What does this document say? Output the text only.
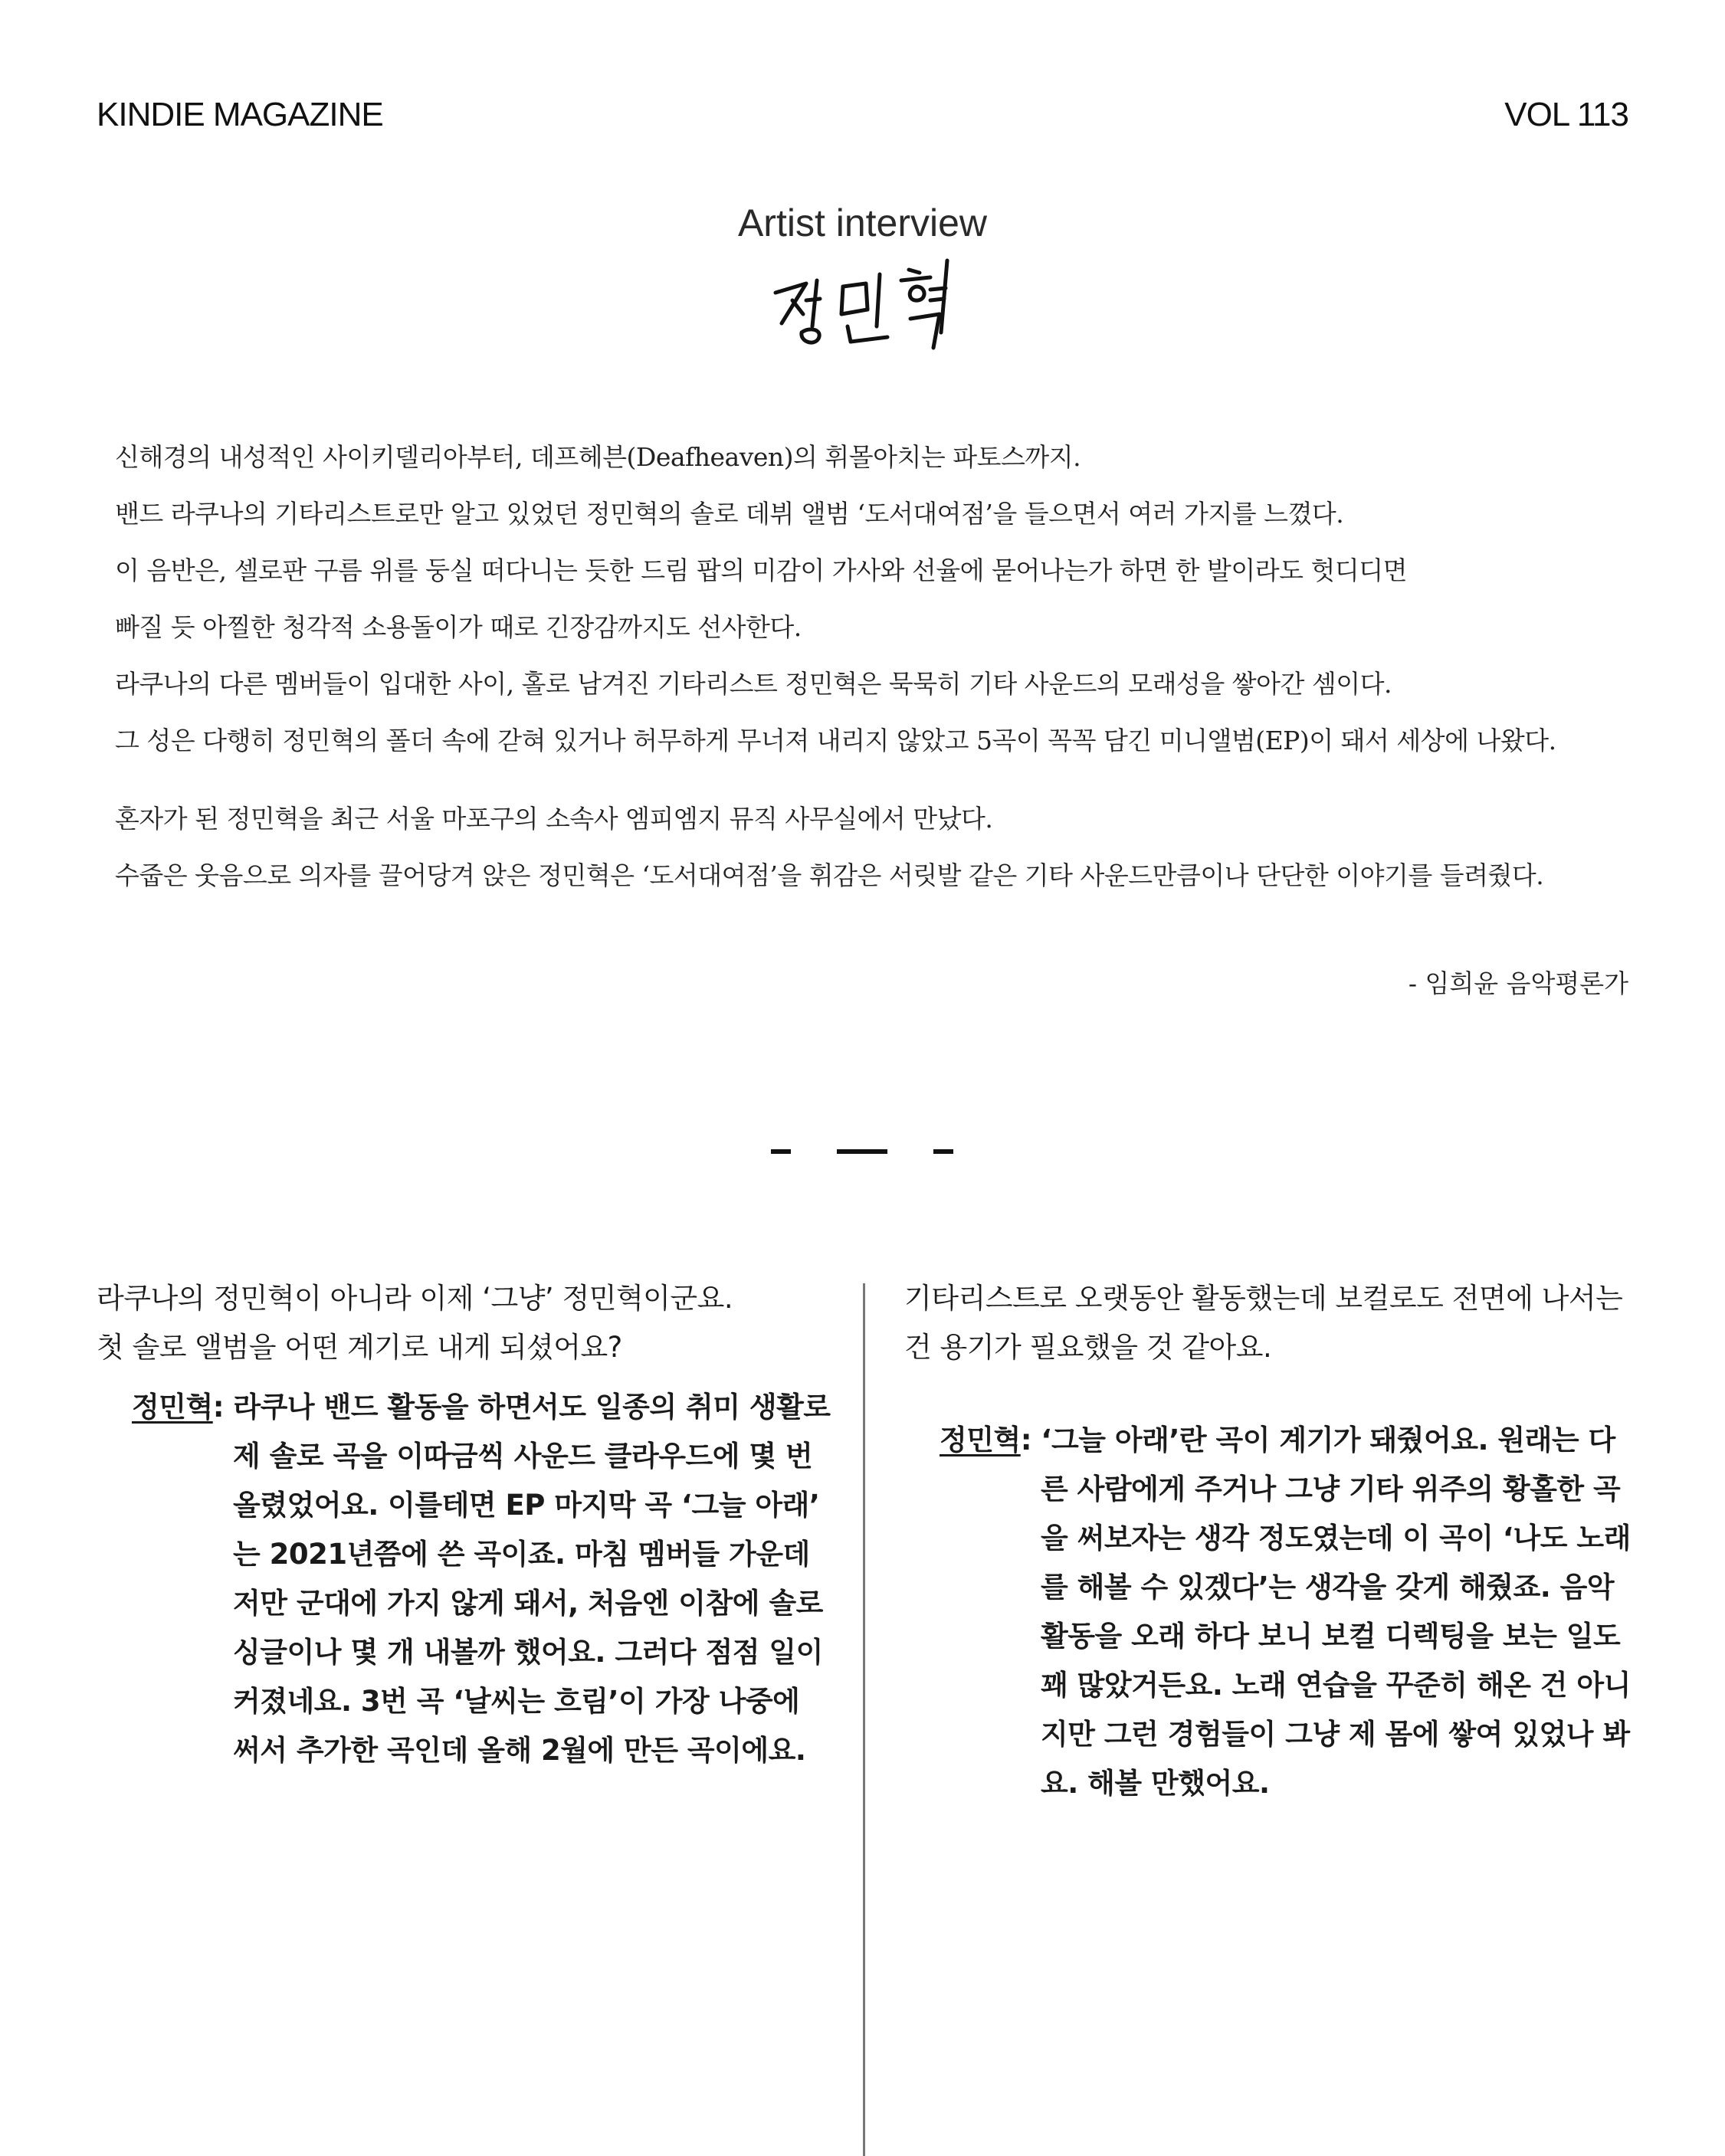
KINDIE MAGAZINE	VOL 113
Artist interview

신해경의 내성적인 사이키델리아부터, 데프헤븐(Deafheaven)의 휘몰아치는 파토스까지.

밴드 라쿠나의 기타리스트로만 알고 있었던 정민혁의 솔로 데뷔 앨범 ‘도서대여점’을 들으면서 여러 가지를 느꼈다.

이 음반은, 셀로판 구름 위를 둥실 떠다니는 듯한 드림 팝의 미감이 가사와 선율에 묻어나는가 하면 한 발이라도 헛디디면

빠질 듯 아찔한 청각적 소용돌이가 때로 긴장감까지도 선사한다.

라쿠나의 다른 멤버들이 입대한 사이, 홀로 남겨진 기타리스트 정민혁은 묵묵히 기타 사운드의 모래성을 쌓아간 셈이다.

그 성은 다행히 정민혁의 폴더 속에 갇혀 있거나 허무하게 무너져 내리지 않았고 5곡이 꼭꼭 담긴 미니앨범(EP)이 돼서 세상에 나왔다.

혼자가 된 정민혁을 최근 서울 마포구의 소속사 엠피엠지 뮤직 사무실에서 만났다.

수줍은 웃음으로 의자를 끌어당겨 앉은 정민혁은 ‘도서대여점’을 휘감은 서릿발 같은 기타 사운드만큼이나 단단한 이야기를 들려줬다.

- 임희윤 음악평론가
라쿠나의 정민혁이 아니라 이제 ‘그냥’ 정민혁이군요.
첫 솔로 앨범을 어떤 계기로 내게 되셨어요?
정민혁 : 라쿠나 밴드 활동을 하면서도 일종의 취미 생활로
제 솔로 곡을 이따금씩 사운드 클라우드에 몇 번
올렸었어요. 이를테면 EP 마지막 곡 ‘그늘 아래’
는 2021년쯤에 쓴 곡이죠. 마침 멤버들 가운데
저만 군대에 가지 않게 돼서, 처음엔 이참에 솔로
싱글이나 몇 개 내볼까 했어요. 그러다 점점 일이
커졌네요. 3번 곡 ‘날씨는 흐림’이 가장 나중에
써서 추가한 곡인데 올해 2월에 만든 곡이에요.
기타리스트로 오랫동안 활동했는데 보컬로도 전면에 나서는
건 용기가 필요했을 것 같아요.
정민혁 : ‘그늘 아래’란 곡이 계기가 돼줬어요. 원래는 다
른 사람에게 주거나 그냥 기타 위주의 황홀한 곡
을 써보자는 생각 정도였는데 이 곡이 ‘나도 노래
를 해볼 수 있겠다’는 생각을 갖게 해줬죠. 음악
활동을 오래 하다 보니 보컬 디렉팅을 보는 일도
꽤 많았거든요. 노래 연습을 꾸준히 해온 건 아니
지만 그런 경험들이 그냥 제 몸에 쌓여 있었나 봐
요. 해볼 만했어요.
